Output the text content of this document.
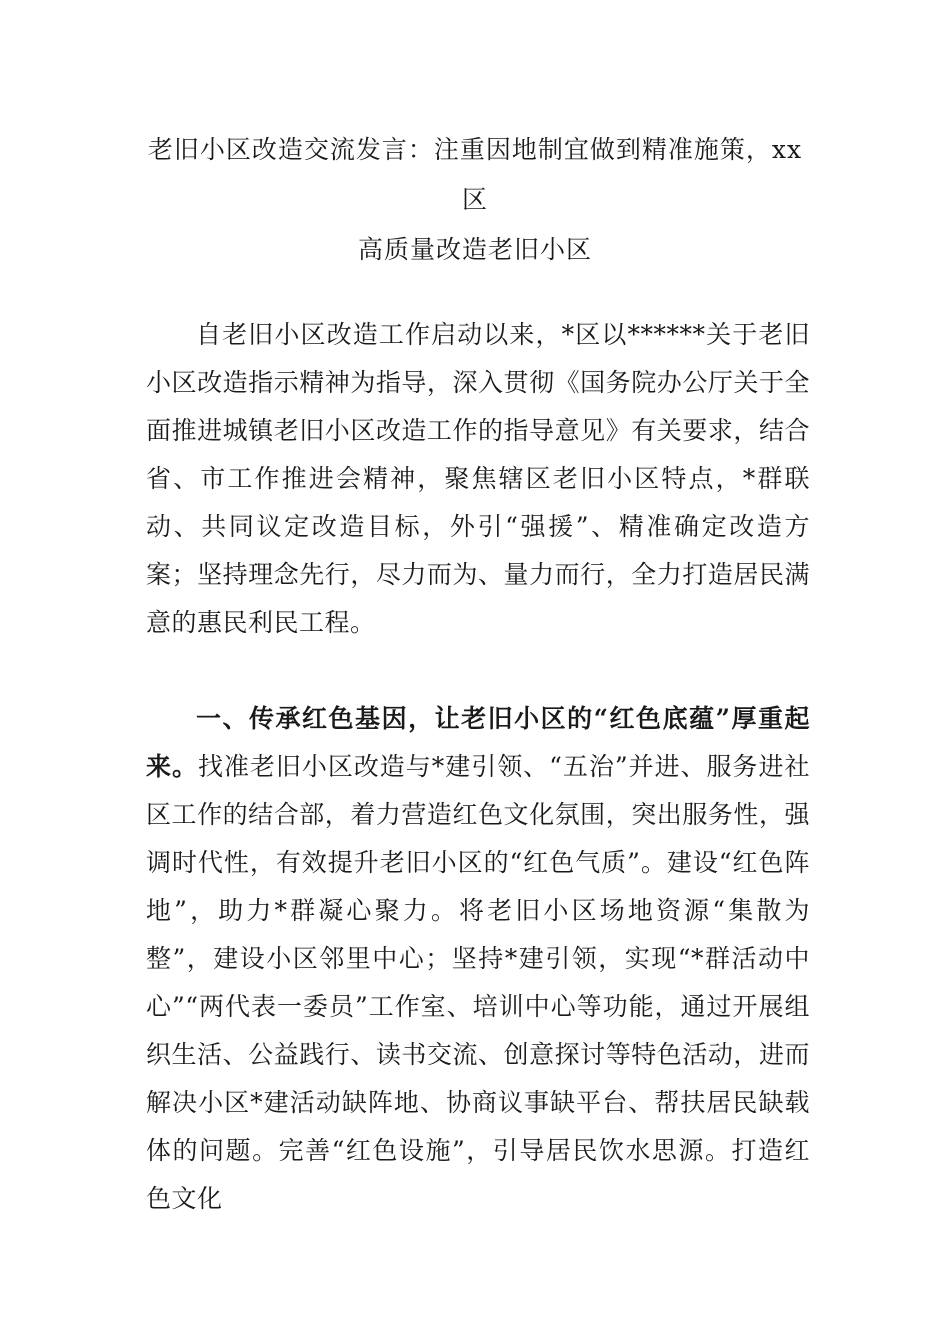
老旧小区改造交流发言：注重因地制宜做到精准施策，xx区
高质量改造老旧小区

自老旧小区改造工作启动以来，*区以******关于老旧小区改造指示精神为指导，深入贯彻《国务院办公厅关于全面推进城镇老旧小区改造工作的指导意见》有关要求，结合省、市工作推进会精神，聚焦辖区老旧小区特点，*群联动、共同议定改造目标，外引“强援”、精准确定改造方案；坚持理念先行，尽力而为、量力而行，全力打造居民满意的惠民利民工程。

一、传承红色基因，让老旧小区的“红色底蕴”厚重起来。找准老旧小区改造与*建引领、“五治”并进、服务进社区工作的结合部，着力营造红色文化氛围，突出服务性，强调时代性，有效提升老旧小区的“红色气质”。建设“红色阵地”，助力*群凝心聚力。将老旧小区场地资源“集散为整”，建设小区邻里中心；坚持*建引领，实现“*群活动中心”“两代表一委员”工作室、培训中心等功能，通过开展组织生活、公益践行、读书交流、创意探讨等特色活动，进而解决小区*建活动缺阵地、协商议事缺平台、帮扶居民缺载体的问题。完善“红色设施”，引导居民饮水思源。打造红色文化
